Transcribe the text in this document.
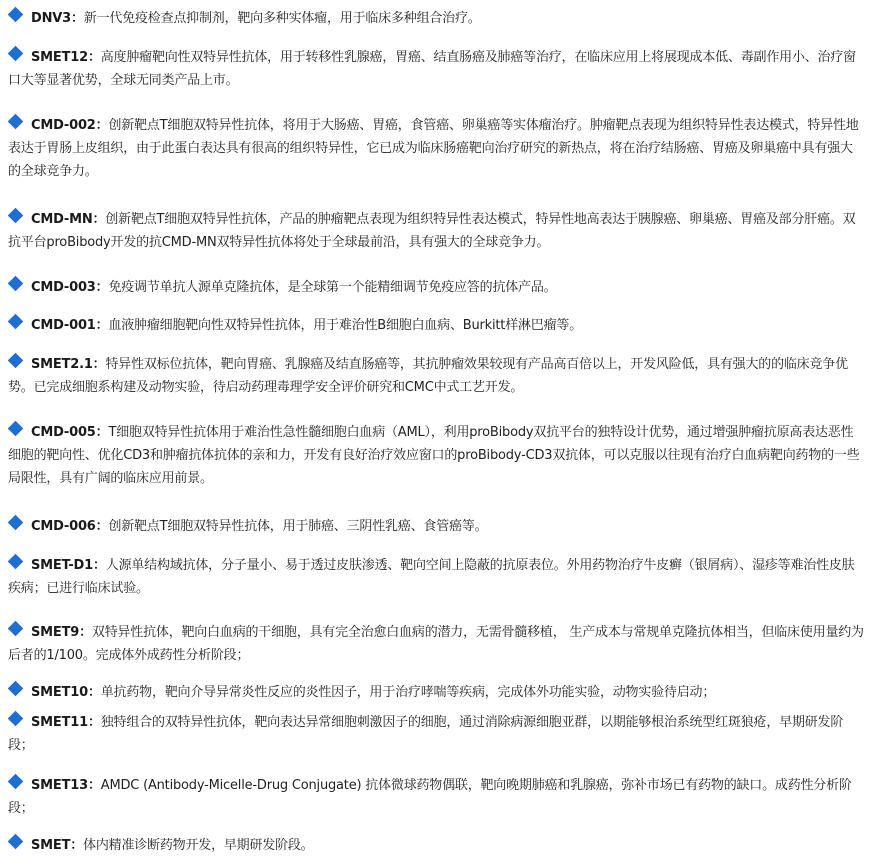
DNV3：新一代免疫检查点抑制剂，靶向多种实体瘤，用于临床多种组合治疗。
SMET12：高度肿瘤靶向性双特异性抗体，用于转移性乳腺癌，胃癌、结直肠癌及肺癌等治疗，在临床应用上将展现成本低、毒副作用小、治疗窗口大等显著优势，全球无同类产品上市。
CMD-002：创新靶点T细胞双特异性抗体，将用于大肠癌、胃癌，食管癌、卵巢癌等实体瘤治疗。肿瘤靶点表现为组织特异性表达模式，特异性地表达于胃肠上皮组织，由于此蛋白表达具有很高的组织特异性，它已成为临床肠癌靶向治疗研究的新热点，将在治疗结肠癌、胃癌及卵巢癌中具有强大的全球竞争力。
CMD-MN：创新靶点T细胞双特异性抗体，产品的肿瘤靶点表现为组织特异性表达模式，特异性地高表达于胰腺癌、卵巢癌、胃癌及部分肝癌。双抗平台proBibody开发的抗CMD-MN双特异性抗体将处于全球最前沿，具有强大的全球竞争力。
CMD-003：免疫调节单抗人源单克隆抗体，是全球第一个能精细调节免疫应答的抗体产品。
CMD-001：血液肿瘤细胞靶向性双特异性抗体，用于难治性B细胞白血病、Burkitt样淋巴瘤等。
SMET2.1：特异性双标位抗体，靶向胃癌、乳腺癌及结直肠癌等，其抗肿瘤效果较现有产品高百倍以上，开发风险低，具有强大的的临床竞争优势。已完成细胞系构建及动物实验，待启动药理毒理学安全评价研究和CMC中式工艺开发。
CMD-005：T细胞双特异性抗体用于难治性急性髓细胞白血病（AML），利用proBibody双抗平台的独特设计优势，通过增强肿瘤抗原高表达恶性细胞的靶向性、优化CD3和肿瘤抗体抗体的亲和力，开发有良好治疗效应窗口的proBibody-CD3双抗体，可以克服以往现有治疗白血病靶向药物的一些局限性，具有广阔的临床应用前景。
CMD-006：创新靶点T细胞双特异性抗体，用于肺癌、三阴性乳癌、食管癌等。
SMET-D1：人源单结构域抗体，分子量小、易于透过皮肤渗透、靶向空间上隐蔽的抗原表位。外用药物治疗牛皮癣（银屑病）、湿疹等难治性皮肤疾病；已进行临床试验。
SMET9：双特异性抗体，靶向白血病的干细胞，具有完全治愈白血病的潜力，无需骨髓移植， 生产成本与常规单克隆抗体相当，但临床使用量约为后者的1/100。完成体外成药性分析阶段；
SMET10：单抗药物，靶向介导异常炎性反应的炎性因子，用于治疗哮喘等疾病，完成体外功能实验，动物实验待启动；
SMET11：独特组合的双特异性抗体，靶向表达异常细胞刺激因子的细胞，通过消除病源细胞亚群，以期能够根治系统型红斑狼疮，早期研发阶段；
SMET13：AMDC (Antibody-Micelle-Drug Conjugate) 抗体微球药物偶联，靶向晚期肺癌和乳腺癌，弥补市场已有药物的缺口。成药性分析阶段；
SMET：体内精准诊断药物开发，早期研发阶段。
